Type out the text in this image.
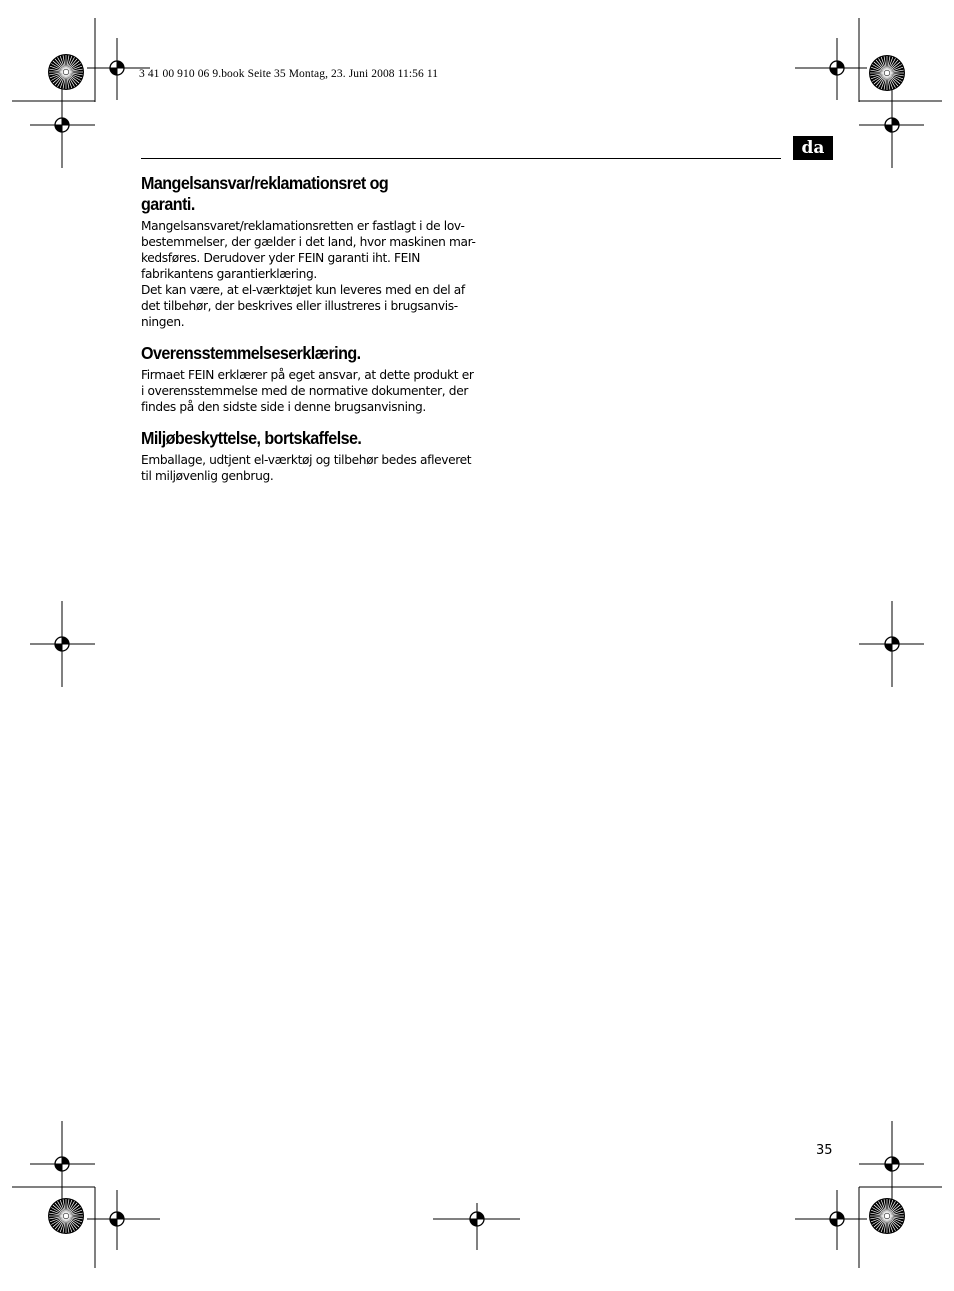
3 41 00 910 06 9.book Seite 35 Montag, 23. Juni 2008 11:56 11
da
Mangelsansvar/reklamationsret og
garanti.

Mangelsansvaret/reklamationsretten er fastlagt i de lov-
bestemmelser, der gælder i det land, hvor maskinen mar-
kedsføres. Derudover yder FEIN garanti iht. FEIN
fabrikantens garantierklæring.
Det kan være, at el-værktøjet kun leveres med en del af
det tilbehør, der beskrives eller illustreres i brugsanvis-
ningen.

Overensstemmelseserklæring.

Firmaet FEIN erklærer på eget ansvar, at dette produkt er
i overensstemmelse med de normative dokumenter, der
findes på den sidste side i denne brugsanvisning.

Miljøbeskyttelse, bortskaffelse.

Emballage, udtjent el-værktøj og tilbehør bedes afleveret
til miljøvenlig genbrug.

35
